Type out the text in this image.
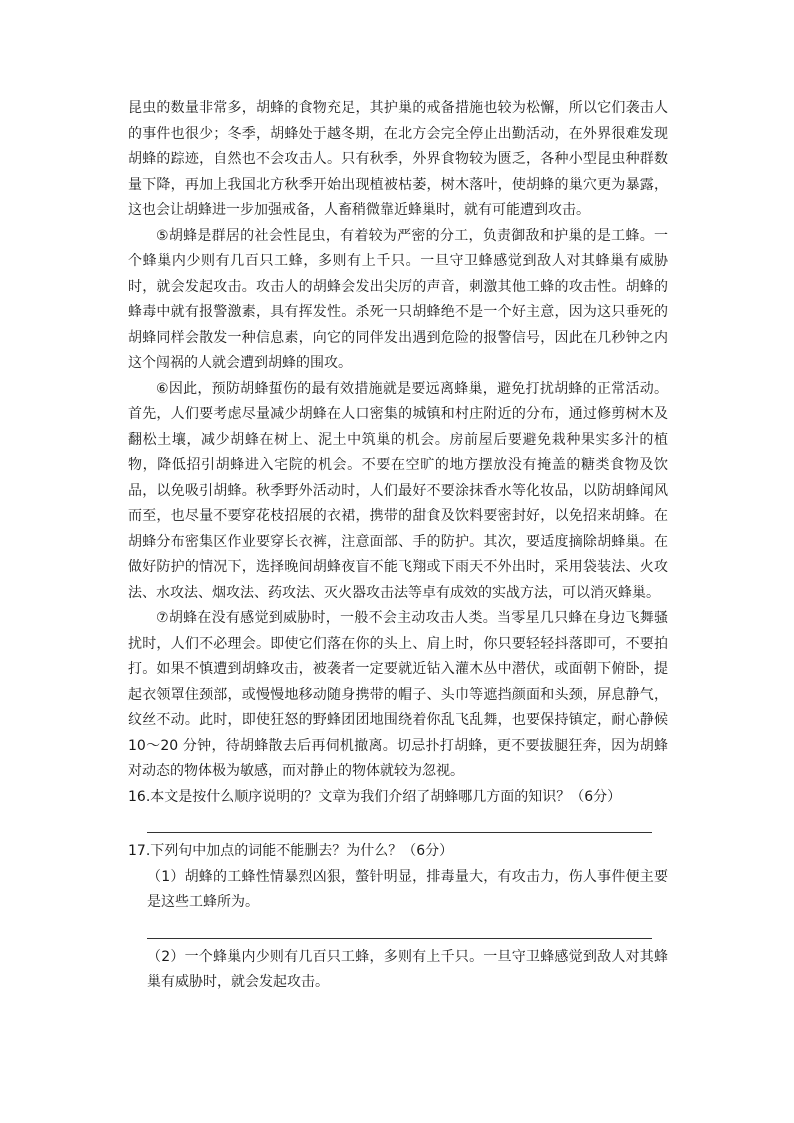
昆虫的数量非常多，胡蜂的食物充足，其护巢的戒备措施也较为松懈，所以它们袭击人的事件也很少；冬季，胡蜂处于越冬期，在北方会完全停止出勤活动，在外界很难发现胡蜂的踪迹，自然也不会攻击人。只有秋季，外界食物较为匮乏，各种小型昆虫种群数量下降，再加上我国北方秋季开始出现植被枯萎，树木落叶，使胡蜂的巢穴更为暴露，这也会让胡蜂进一步加强戒备，人畜稍微靠近蜂巢时，就有可能遭到攻击。

⑤胡蜂是群居的社会性昆虫，有着较为严密的分工，负责御敌和护巢的是工蜂。一个蜂巢内少则有几百只工蜂，多则有上千只。一旦守卫蜂感觉到敌人对其蜂巢有威胁时，就会发起攻击。攻击人的胡蜂会发出尖厉的声音，刺激其他工蜂的攻击性。胡蜂的蜂毒中就有报警激素，具有挥发性。杀死一只胡蜂绝不是一个好主意，因为这只垂死的胡蜂同样会散发一种信息素，向它的同伴发出遇到危险的报警信号，因此在几秒钟之内这个闯祸的人就会遭到胡蜂的围攻。

⑥因此，预防胡蜂蜇伤的最有效措施就是要远离蜂巢，避免打扰胡蜂的正常活动。首先，人们要考虑尽量减少胡蜂在人口密集的城镇和村庄附近的分布，通过修剪树木及翻松土壤，减少胡蜂在树上、泥土中筑巢的机会。房前屋后要避免栽种果实多汁的植物，降低招引胡蜂进入宅院的机会。不要在空旷的地方摆放没有掩盖的糖类食物及饮品，以免吸引胡蜂。秋季野外活动时，人们最好不要涂抹香水等化妆品，以防胡蜂闻风而至，也尽量不要穿花枝招展的衣裙，携带的甜食及饮料要密封好，以免招来胡蜂。在胡蜂分布密集区作业要穿长衣裤，注意面部、手的防护。其次，要适度摘除胡蜂巢。在做好防护的情况下，选择晚间胡蜂夜盲不能飞翔或下雨天不外出时，采用袋装法、火攻法、水攻法、烟攻法、药攻法、灭火器攻击法等卓有成效的实战方法，可以消灭蜂巢。

⑦胡蜂在没有感觉到威胁时，一般不会主动攻击人类。当零星几只蜂在身边飞舞骚扰时，人们不必理会。即使它们落在你的头上、肩上时，你只要轻轻抖落即可，不要拍打。如果不慎遭到胡蜂攻击，被袭者一定要就近钻入灌木丛中潜伏，或面朝下俯卧，提起衣领罩住颈部，或慢慢地移动随身携带的帽子、头巾等遮挡颜面和头颈，屏息静气，纹丝不动。此时，即使狂怒的野蜂团团地围绕着你乱飞乱舞，也要保持镇定，耐心静候 10～20 分钟，待胡蜂散去后再伺机撤离。切忌扑打胡蜂，更不要拔腿狂奔，因为胡蜂对动态的物体极为敏感，而对静止的物体就较为忽视。

16.本文是按什么顺序说明的？文章为我们介绍了胡蜂哪几方面的知识？（6分）

17.下列句中加点的词能不能删去？为什么？（6分）

（1）胡蜂的工蜂性情暴烈凶狠，螫针明显，排毒量大，有攻击力，伤人事件便主要是这些工蜂所为。

（2）一个蜂巢内少则有几百只工蜂，多则有上千只。一旦守卫蜂感觉到敌人对其蜂巢有威胁时，就会发起攻击。
